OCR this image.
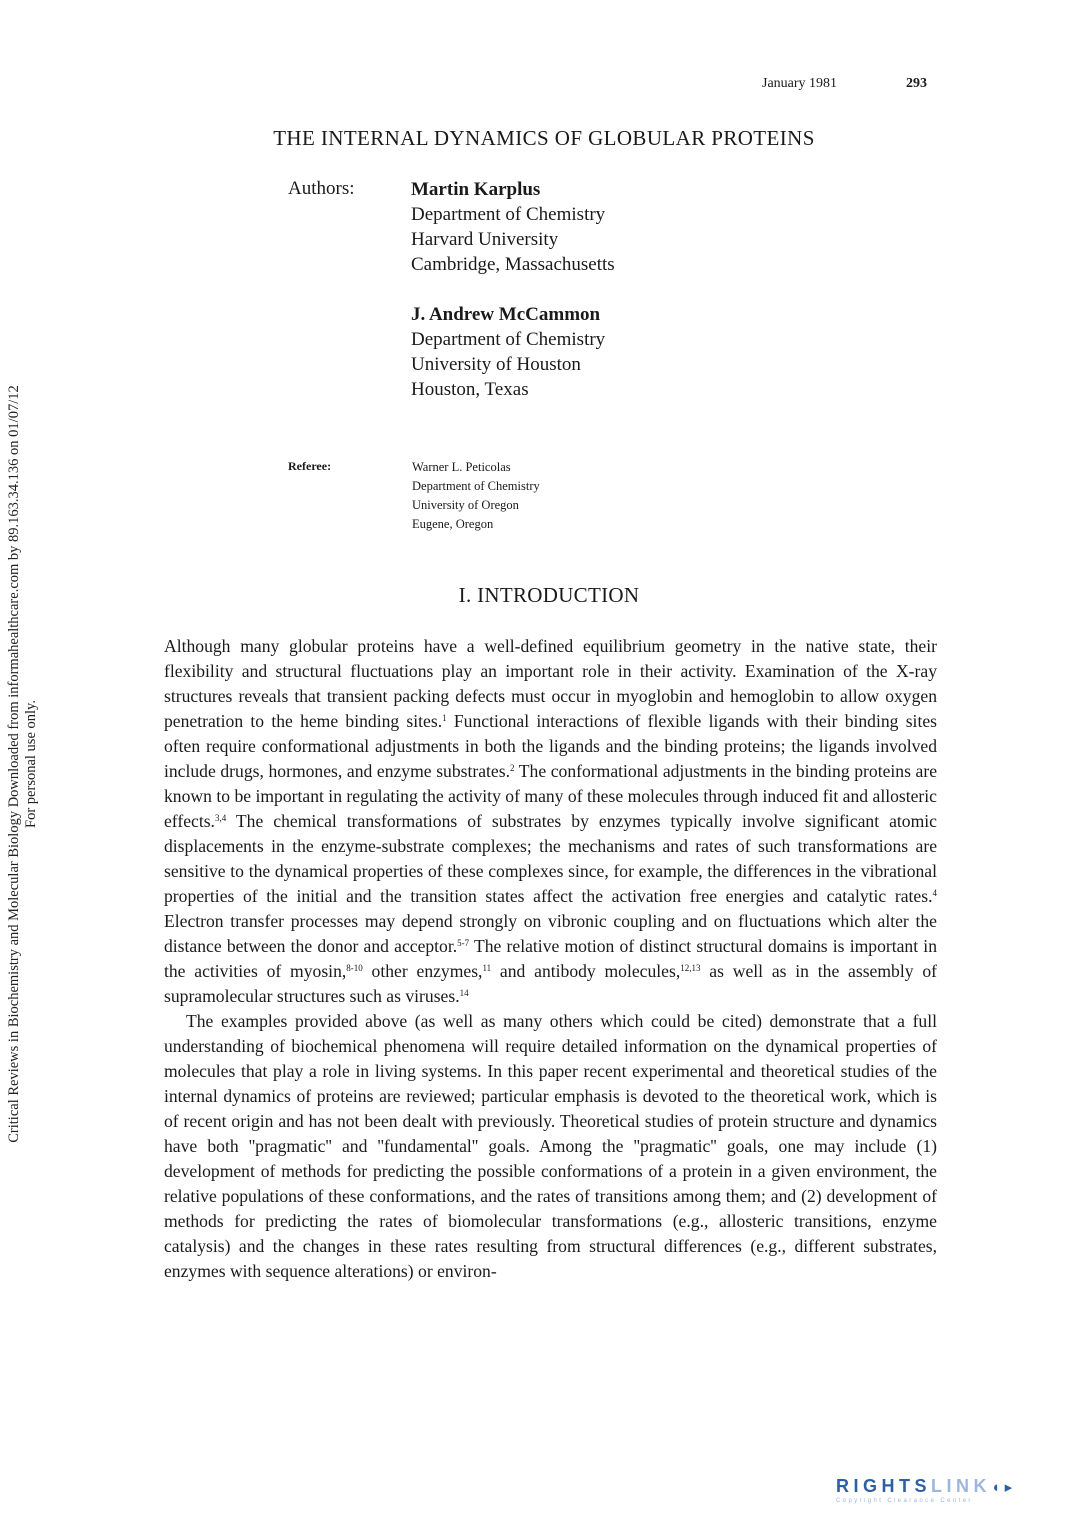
January 1981	293
THE INTERNAL DYNAMICS OF GLOBULAR PROTEINS
Authors:	Martin Karplus
Department of Chemistry
Harvard University
Cambridge, Massachusetts
J. Andrew McCammon
Department of Chemistry
University of Houston
Houston, Texas
Referee:	Warner L. Peticolas
Department of Chemistry
University of Oregon
Eugene, Oregon
I. INTRODUCTION

Although many globular proteins have a well-defined equilibrium geometry in the native state, their flexibility and structural fluctuations play an important role in their activity. Examination of the X-ray structures reveals that transient packing defects must occur in myoglobin and hemoglobin to allow oxygen penetration to the heme binding sites.$^1$ Functional interactions of flexible ligands with their binding sites often require conformational adjustments in both the ligands and the binding proteins; the ligands involved include drugs, hormones, and enzyme substrates.$^2$ The conformational adjustments in the binding proteins are known to be important in regulating the activity of many of these molecules through induced fit and allosteric effects.$^{3,4}$ The chemical transformations of substrates by enzymes typically involve significant atomic displacements in the enzyme-substrate complexes; the mechanisms and rates of such transformations are sensitive to the dynamical properties of these complexes since, for example, the differences in the vibrational properties of the initial and the transition states affect the activation free energies and catalytic rates.$^4$ Electron transfer processes may depend strongly on vibronic coupling and on fluctuations which alter the distance between the donor and acceptor.$^{5-7}$ The relative motion of distinct structural domains is important in the activities of myosin,$^{8-10}$ other enzymes,$^{11}$ and antibody molecules,$^{12,13}$ as well as in the assembly of supramolecular structures such as viruses.$^{14}$

The examples provided above (as well as many others which could be cited) demonstrate that a full understanding of biochemical phenomena will require detailed information on the dynamical properties of molecules that play a role in living systems. In this paper recent experimental and theoretical studies of the internal dynamics of proteins are reviewed; particular emphasis is devoted to the theoretical work, which is of recent origin and has not been dealt with previously. Theoretical studies of protein structure and dynamics have both ''pragmatic'' and ''fundamental'' goals. Among the ''pragmatic'' goals, one may include (1) development of methods for predicting the possible conformations of a protein in a given environment, the relative populations of these conformations, and the rates of transitions among them; and (2) development of methods for predicting the rates of biomolecular transformations (e.g., allosteric transitions, enzyme catalysis) and the changes in these rates resulting from structural differences (e.g., different substrates, enzymes with sequence alterations) or environ-

Critical Reviews in Biochemistry and Molecular Biology Downloaded from informahealthcare.com by 89.163.34.136 on 01/07/12 For personal use only.
RIGHTSLINK◖▸
Copyright Clearance Center
